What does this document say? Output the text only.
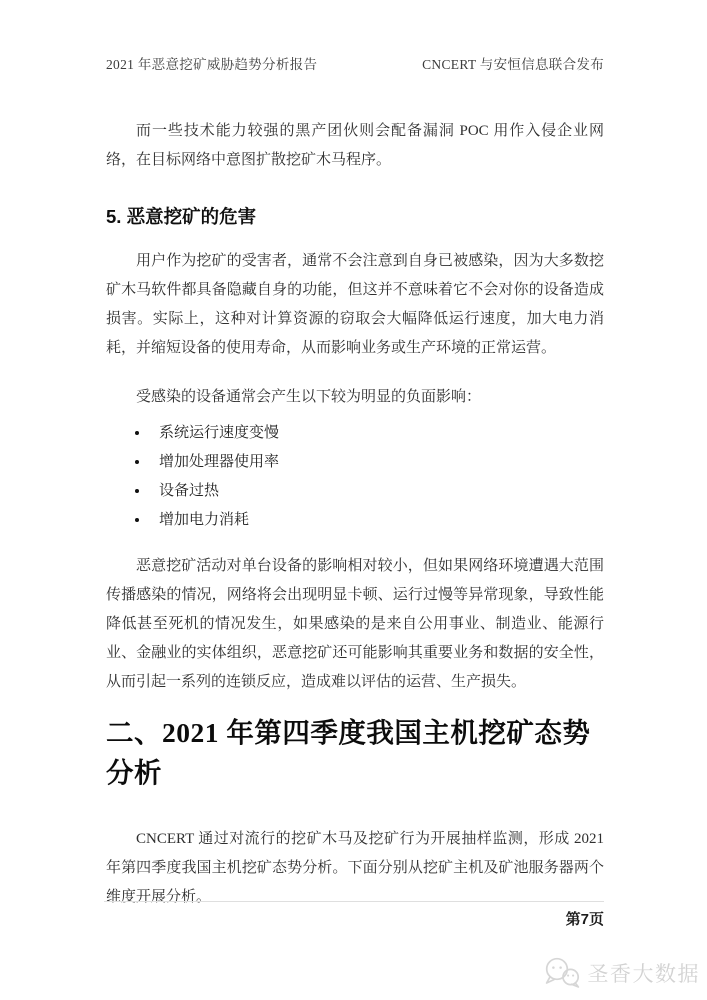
2021 年恶意挖矿威胁趋势分析报告	CNCERT 与安恒信息联合发布

而一些技术能力较强的黑产团伙则会配备漏洞 POC 用作入侵企业网络，在目标网络中意图扩散挖矿木马程序。

5. 恶意挖矿的危害

用户作为挖矿的受害者，通常不会注意到自身已被感染，因为大多数挖矿木马软件都具备隐藏自身的功能，但这并不意味着它不会对你的设备造成损害。实际上，这种对计算资源的窃取会大幅降低运行速度，加大电力消耗，并缩短设备的使用寿命，从而影响业务或生产环境的正常运营。

受感染的设备通常会产生以下较为明显的负面影响：

• 系统运行速度变慢
• 增加处理器使用率
• 设备过热
• 增加电力消耗

恶意挖矿活动对单台设备的影响相对较小，但如果网络环境遭遇大范围传播感染的情况，网络将会出现明显卡顿、运行过慢等异常现象，导致性能降低甚至死机的情况发生，如果感染的是来自公用事业、制造业、能源行业、金融业的实体组织，恶意挖矿还可能影响其重要业务和数据的安全性，从而引起一系列的连锁反应，造成难以评估的运营、生产损失。

二、2021 年第四季度我国主机挖矿态势分析

CNCERT 通过对流行的挖矿木马及挖矿行为开展抽样监测，形成 2021 年第四季度我国主机挖矿态势分析。下面分别从挖矿主机及矿池服务器两个维度开展分析。

第7页
圣香大数据
